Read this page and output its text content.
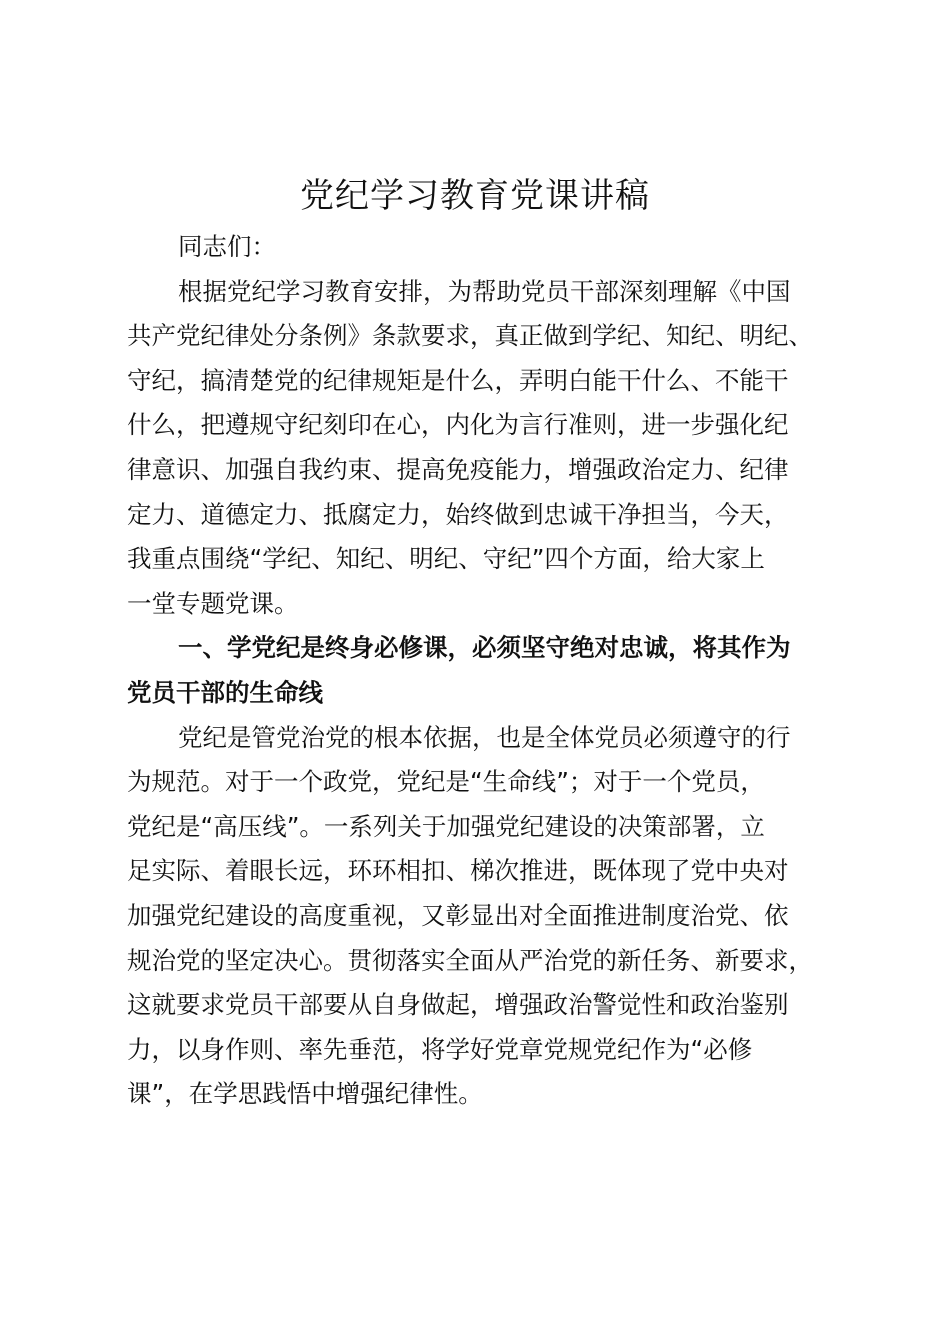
党纪学习教育党课讲稿

同志们：

根据党纪学习教育安排，为帮助党员干部深刻理解《中国

共产党纪律处分条例》条款要求，真正做到学纪、知纪、明纪、

守纪，搞清楚党的纪律规矩是什么，弄明白能干什么、不能干

什么，把遵规守纪刻印在心，内化为言行准则，进一步强化纪

律意识、加强自我约束、提高免疫能力，增强政治定力、纪律

定力、道德定力、抵腐定力，始终做到忠诚干净担当，今天，

我重点围绕“学纪、知纪、明纪、守纪”四个方面，给大家上

一堂专题党课。

一、学党纪是终身必修课，必须坚守绝对忠诚，将其作为

党员干部的生命线

党纪是管党治党的根本依据，也是全体党员必须遵守的行

为规范。对于一个政党，党纪是“生命线”；对于一个党员，

党纪是“高压线”。一系列关于加强党纪建设的决策部署，立

足实际、着眼长远，环环相扣、梯次推进，既体现了党中央对

加强党纪建设的高度重视，又彰显出对全面推进制度治党、依

规治党的坚定决心。贯彻落实全面从严治党的新任务、新要求，

这就要求党员干部要从自身做起，增强政治警觉性和政治鉴别

力，以身作则、率先垂范，将学好党章党规党纪作为“必修

课”，在学思践悟中增强纪律性。
